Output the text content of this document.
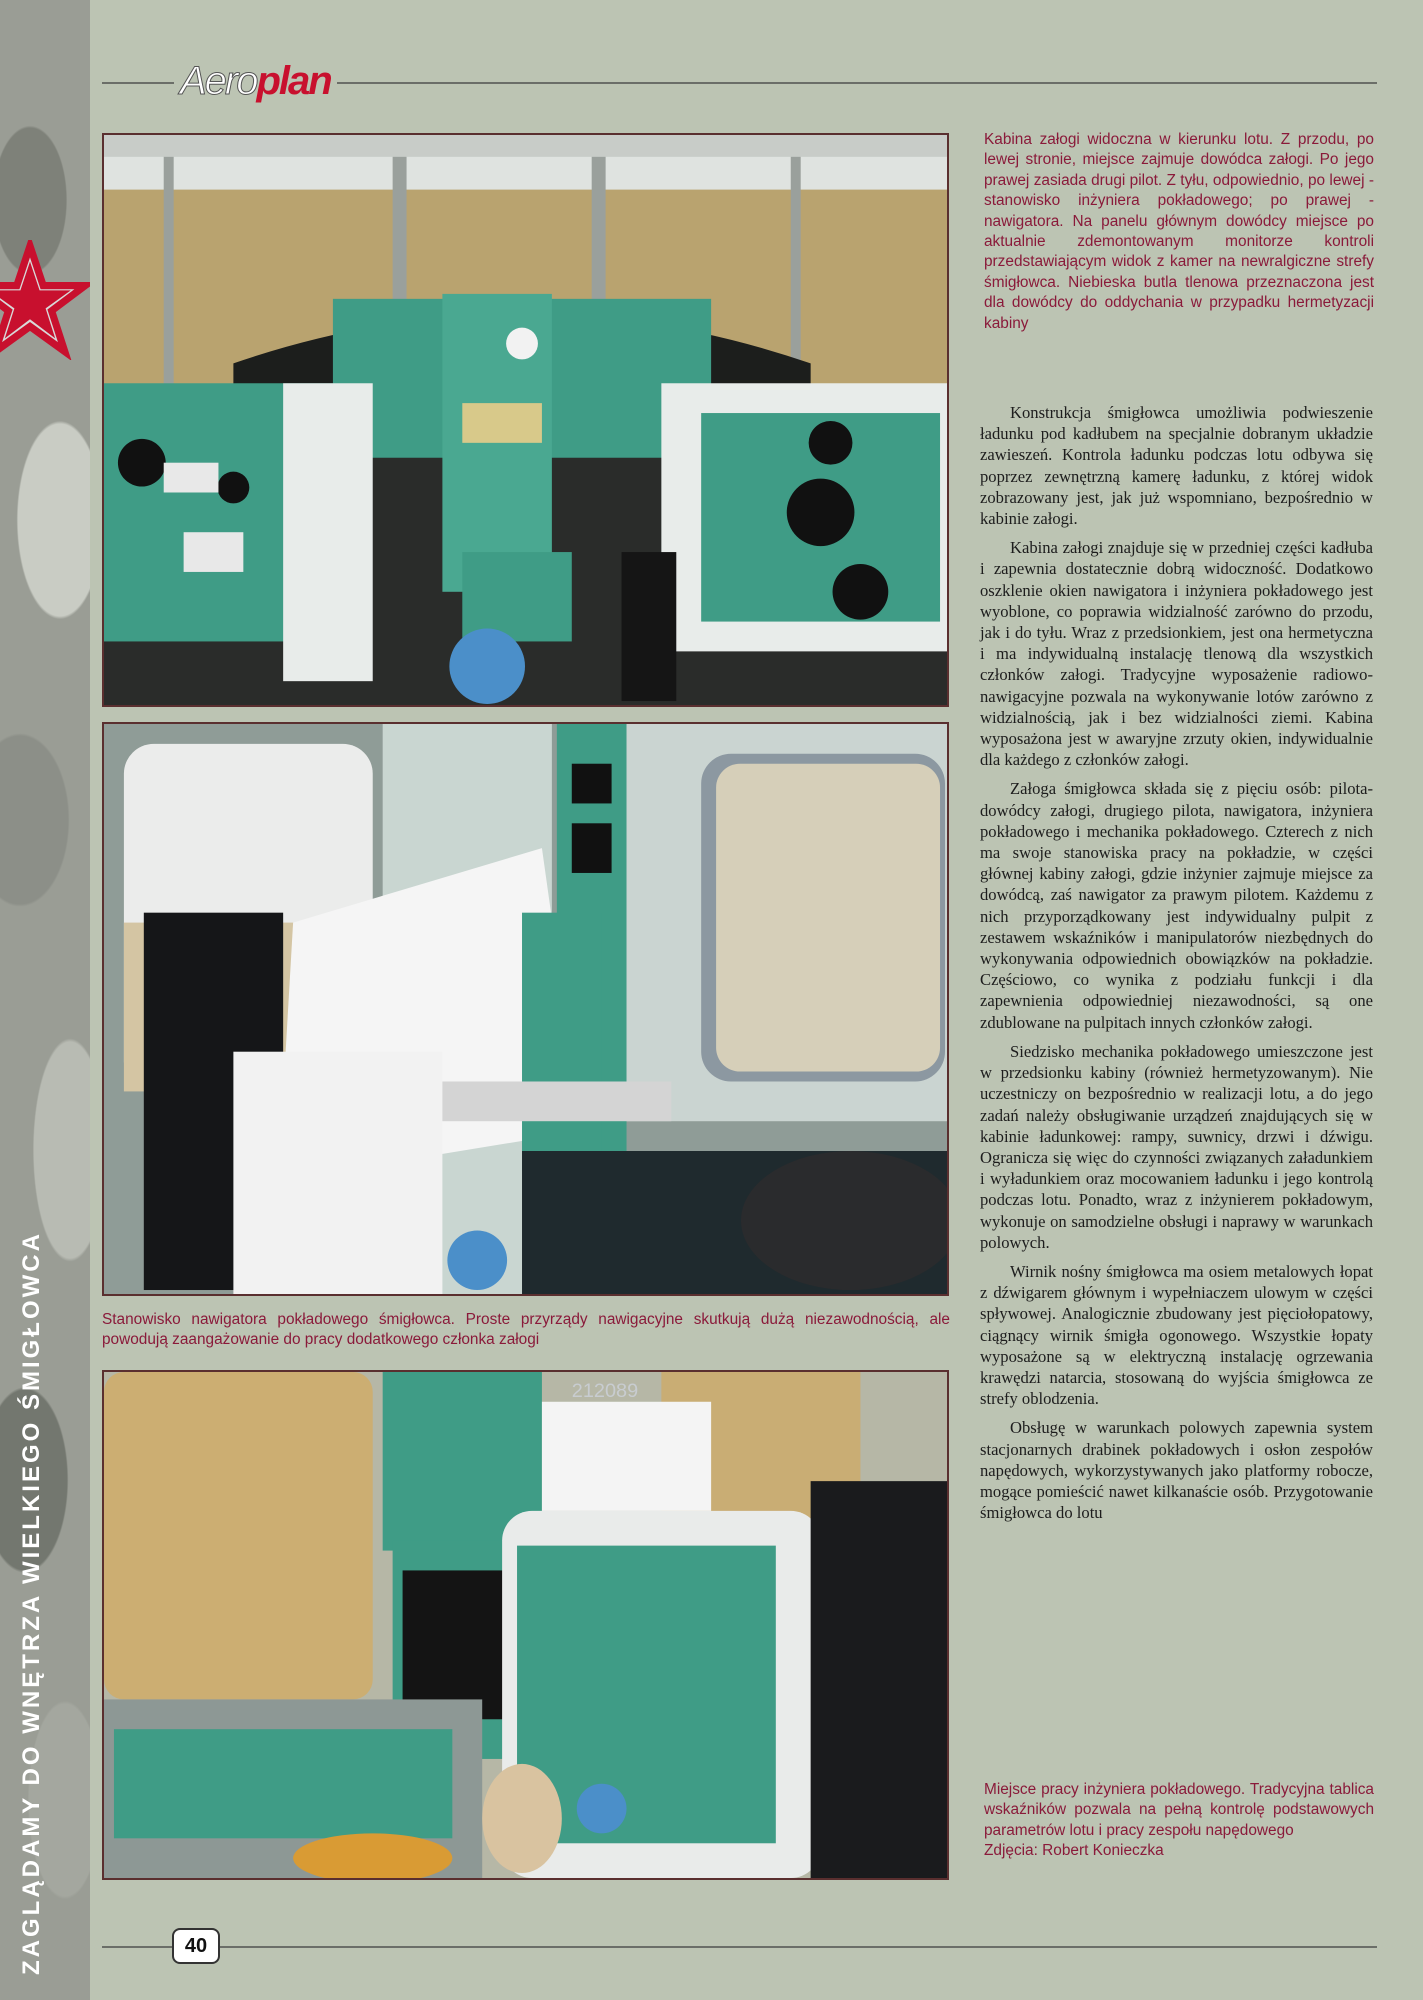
ZAGLĄDAMY DO WNĘTRZA WIELKIEGO ŚMIGŁOWCA
Aeroplan
212089
Kabina załogi widoczna w kierunku lotu. Z przodu, po lewej stronie, miejsce zajmuje dowódca załogi. Po jego prawej zasiada drugi pilot. Z tyłu, odpowiednio, po lewej - stanowisko inżyniera pokładowego; po prawej - nawigatora. Na panelu głównym dowódcy miejsce po aktualnie zdemontowanym monitorze kontroli przedstawiającym widok z kamer na newralgiczne strefy śmigłowca. Niebieska butla tlenowa przeznaczona jest dla dowódcy do oddychania w przypadku hermetyzacji kabiny
Stanowisko nawigatora pokładowego śmigłowca. Proste przyrządy nawigacyjne skutkują dużą niezawodnością, ale powodują zaangażowanie do pracy dodatkowego członka załogi
Miejsce pracy inżyniera pokładowego. Tradycyjna tablica wskaźników pozwala na pełną kontrolę podstawowych parametrów lotu i pracy zespołu napędowego
Zdjęcia: Robert Konieczka

Konstrukcja śmigłowca umożliwia podwieszenie ładunku pod kadłubem na specjalnie dobranym układzie zawieszeń. Kontrola ładunku podczas lotu odbywa się poprzez zewnętrzną kamerę ładunku, z której widok zobrazowany jest, jak już wspomniano, bezpośrednio w kabinie załogi.

Kabina załogi znajduje się w przedniej części kadłuba i zapewnia dostatecznie dobrą widoczność. Dodatkowo oszklenie okien nawigatora i inżyniera pokładowego jest wyoblone, co poprawia widzialność zarówno do przodu, jak i do tyłu. Wraz z przedsionkiem, jest ona hermetyczna i ma indywidualną instalację tlenową dla wszystkich członków załogi. Tradycyjne wyposażenie radiowo-nawigacyjne pozwala na wykonywanie lotów zarówno z widzialnością, jak i bez widzialności ziemi. Kabina wyposażona jest w awaryjne zrzuty okien, indywidualnie dla każdego z członków załogi.

Załoga śmigłowca składa się z pięciu osób: pilota-dowódcy załogi, drugiego pilota, nawigatora, inżyniera pokładowego i mechanika pokładowego. Czterech z nich ma swoje stanowiska pracy na pokładzie, w części głównej kabiny załogi, gdzie inżynier zajmuje miejsce za dowódcą, zaś nawigator za prawym pilotem. Każdemu z nich przyporządkowany jest indywidualny pulpit z zestawem wskaźników i manipulatorów niezbędnych do wykonywania odpowiednich obowiązków na pokładzie. Częściowo, co wynika z podziału funkcji i dla zapewnienia odpowiedniej niezawodności, są one zdublowane na pulpitach innych członków załogi.

Siedzisko mechanika pokładowego umieszczone jest w przedsionku kabiny (również hermetyzowanym). Nie uczestniczy on bezpośrednio w realizacji lotu, a do jego zadań należy obsługiwanie urządzeń znajdujących się w kabinie ładunkowej: rampy, suwnicy, drzwi i dźwigu. Ogranicza się więc do czynności związanych załadunkiem i wyładunkiem oraz mocowaniem ładunku i jego kontrolą podczas lotu. Ponadto, wraz z inżynierem pokładowym, wykonuje on samodzielne obsługi i naprawy w warunkach polowych.

Wirnik nośny śmigłowca ma osiem metalowych łopat z dźwigarem głównym i wypełniaczem ulowym w części spływowej. Analogicznie zbudowany jest pięciołopatowy, ciągnący wirnik śmigła ogonowego. Wszystkie łopaty wyposażone są w elektryczną instalację ogrzewania krawędzi natarcia, stosowaną do wyjścia śmigłowca ze strefy oblodzenia.

Obsługę w warunkach polowych zapewnia system stacjonarnych drabinek pokładowych i osłon zespołów napędowych, wykorzystywanych jako platformy robocze, mogące pomieścić nawet kilkanaście osób. Przygotowanie śmigłowca do lotu

40
